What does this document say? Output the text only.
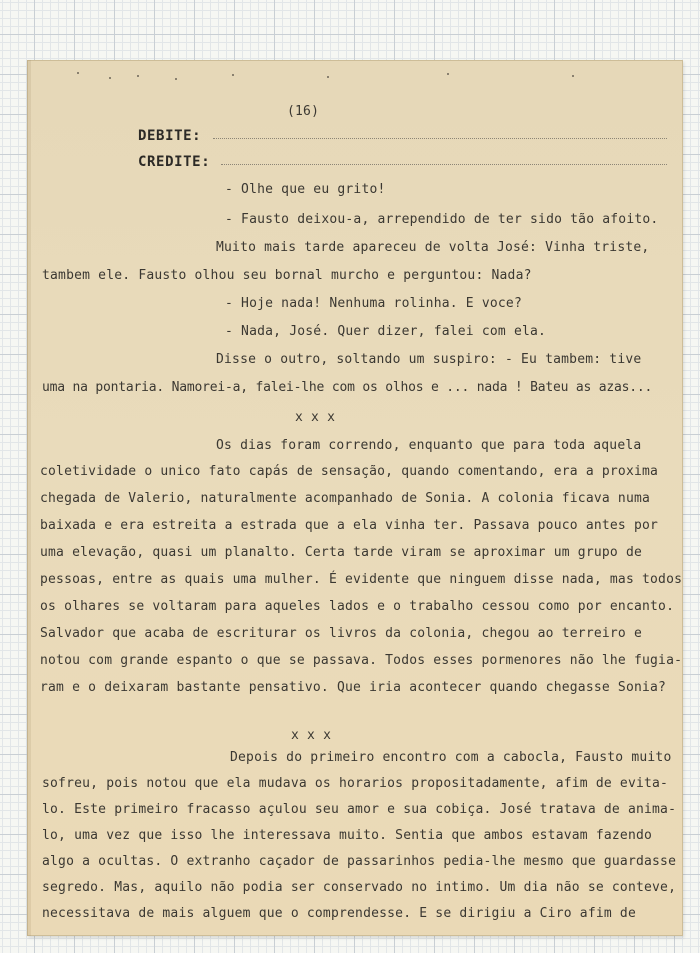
(16)

DEBITE:

CREDITE:

- Olhe que eu grito!

- Fausto deixou-a, arrependido de ter sido tão afoito.

Muito mais tarde apareceu de volta José: Vinha triste,

tambem ele. Fausto olhou seu bornal murcho e perguntou: Nada?

- Hoje nada! Nenhuma rolinha. E voce?

- Nada, José. Quer dizer, falei com ela.

Disse o outro, soltando um suspiro: - Eu tambem: tive

uma na pontaria. Namorei-a, falei-lhe com os olhos e ... nada ! Bateu as azas...

x x x

Os dias foram correndo, enquanto que para toda aquela

coletividade o unico fato capás de sensação, quando comentando, era a proxima

chegada de Valerio, naturalmente acompanhado de Sonia. A colonia ficava numa

baixada e era estreita a estrada que a ela vinha ter. Passava pouco antes por

uma elevação, quasi um planalto. Certa tarde viram se aproximar um grupo de

pessoas, entre as quais uma mulher. É evidente que ninguem disse nada, mas todos

os olhares se voltaram para aqueles lados e o trabalho cessou como por encanto.

Salvador que acaba de escriturar os livros da colonia, chegou ao terreiro e

notou com grande espanto o que se passava. Todos esses pormenores não lhe fugia-

ram e o deixaram bastante pensativo. Que iria acontecer quando chegasse Sonia?

x x x

Depois do primeiro encontro com a cabocla, Fausto muito

sofreu, pois notou que ela mudava os horarios propositadamente, afim de evita-

lo. Este primeiro fracasso açulou seu amor e sua cobiça. José tratava de anima-

lo, uma vez que isso lhe interessava muito. Sentia que ambos estavam fazendo

algo a ocultas. O extranho caçador de passarinhos pedia-lhe mesmo que guardasse

segredo. Mas, aquilo não podia ser conservado no intimo. Um dia não se conteve,

necessitava de mais alguem que o comprendesse. E se dirigiu a Ciro afim de
